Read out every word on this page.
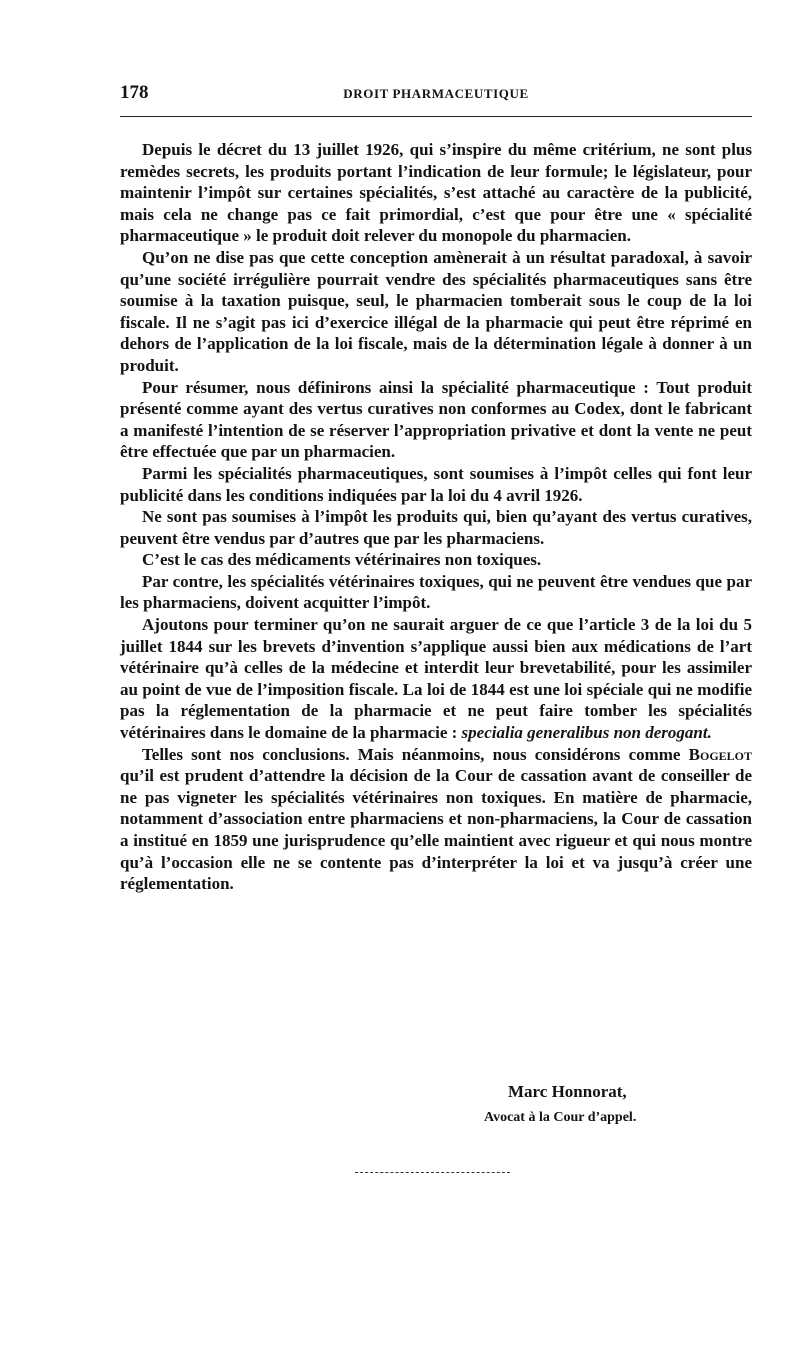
178	DROIT PHARMACEUTIQUE

Depuis le décret du 13 juillet 1926, qui s’inspire du même critérium, ne sont plus remèdes secrets, les produits portant l’indication de leur formule; le législateur, pour maintenir l’impôt sur certaines spécialités, s’est attaché au caractère de la publicité, mais cela ne change pas ce fait primordial, c’est que pour être une « spécialité pharmaceutique » le produit doit relever du monopole du pharmacien.

Qu’on ne dise pas que cette conception amènerait à un résultat paradoxal, à savoir qu’une société irrégulière pourrait vendre des spécialités pharmaceutiques sans être soumise à la taxation puisque, seul, le pharmacien tomberait sous le coup de la loi fiscale. Il ne s’agit pas ici d’exercice illégal de la pharmacie qui peut être réprimé en dehors de l’application de la loi fiscale, mais de la détermination légale à donner à un produit.

Pour résumer, nous définirons ainsi la spécialité pharmaceutique : Tout produit présenté comme ayant des vertus curatives non conformes au Codex, dont le fabricant a manifesté l’intention de se réserver l’appropriation privative et dont la vente ne peut être effectuée que par un pharmacien.

Parmi les spécialités pharmaceutiques, sont soumises à l’impôt celles qui font leur publicité dans les conditions indiquées par la loi du 4 avril 1926.

Ne sont pas soumises à l’impôt les produits qui, bien qu’ayant des vertus curatives, peuvent être vendus par d’autres que par les pharmaciens.

C’est le cas des médicaments vétérinaires non toxiques.

Par contre, les spécialités vétérinaires toxiques, qui ne peuvent être vendues que par les pharmaciens, doivent acquitter l’impôt.

Ajoutons pour terminer qu’on ne saurait arguer de ce que l’article 3 de la loi du 5 juillet 1844 sur les brevets d’invention s’applique aussi bien aux médications de l’art vétérinaire qu’à celles de la médecine et interdit leur brevetabilité, pour les assimiler au point de vue de l’imposition fiscale. La loi de 1844 est une loi spéciale qui ne modifie pas la réglementation de la pharmacie et ne peut faire tomber les spécialités vétérinaires dans le domaine de la pharmacie : specialia generalibus non derogant.

Telles sont nos conclusions. Mais néanmoins, nous considérons comme Bogelot qu’il est prudent d’attendre la décision de la Cour de cassation avant de conseiller de ne pas vigneter les spécialités vétérinaires non toxiques. En matière de pharmacie, notamment d’association entre pharmaciens et non-pharmaciens, la Cour de cassation a institué en 1859 une jurisprudence qu’elle maintient avec rigueur et qui nous montre qu’à l’occasion elle ne se contente pas d’interpréter la loi et va jusqu’à créer une réglementation.

Marc Honnorat,
Avocat à la Cour d’appel.
